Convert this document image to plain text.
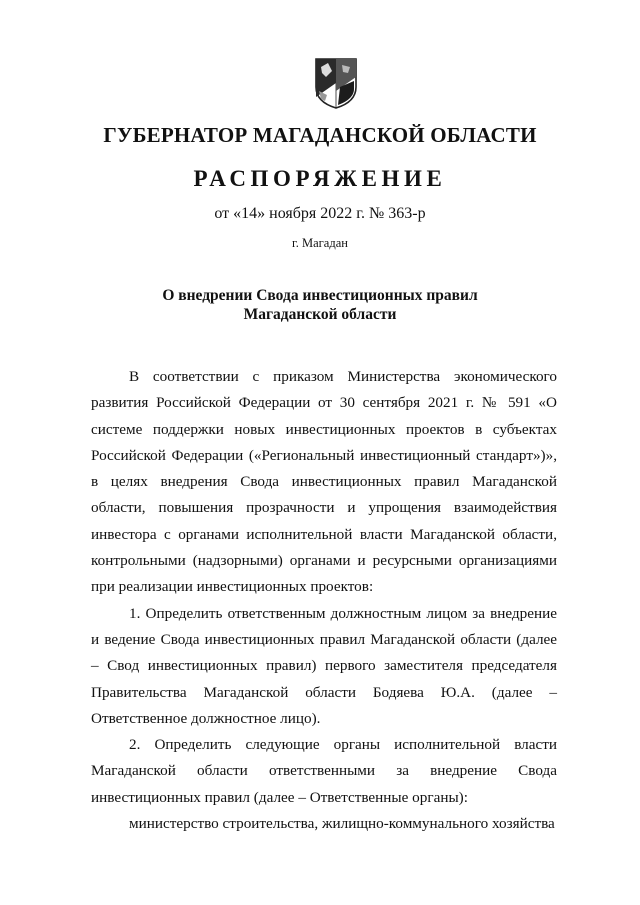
ГУБЕРНАТОР МАГАДАНСКОЙ ОБЛАСТИ
РАСПОРЯЖЕНИЕ
от «14» ноября 2022 г. № 363-р
г. Магадан
О внедрении Свода инвестиционных правил
Магаданской области

В соответствии с приказом Министерства экономического развития Российской Федерации от 30 сентября 2021 г. № 591 «О системе поддержки новых инвестиционных проектов в субъектах Российской Федерации («Региональный инвестиционный стандарт»)», в целях внедрения Свода инвестиционных правил Магаданской области, повышения прозрачности и упрощения взаимодействия инвестора с органами исполнительной власти Магаданской области, контрольными (надзорными) органами и ресурсными организациями при реализации инвестиционных проектов:

1. Определить ответственным должностным лицом за внедрение и ведение Свода инвестиционных правил Магаданской области (далее – Свод инвестиционных правил) первого заместителя председателя Правительства Магаданской области Бодяева Ю.А. (далее – Ответственное должностное лицо).

2. Определить следующие органы исполнительной власти Магаданской области ответственными за внедрение Свода инвестиционных правил (далее – Ответственные органы):

министерство строительства, жилищно-коммунального хозяйства
